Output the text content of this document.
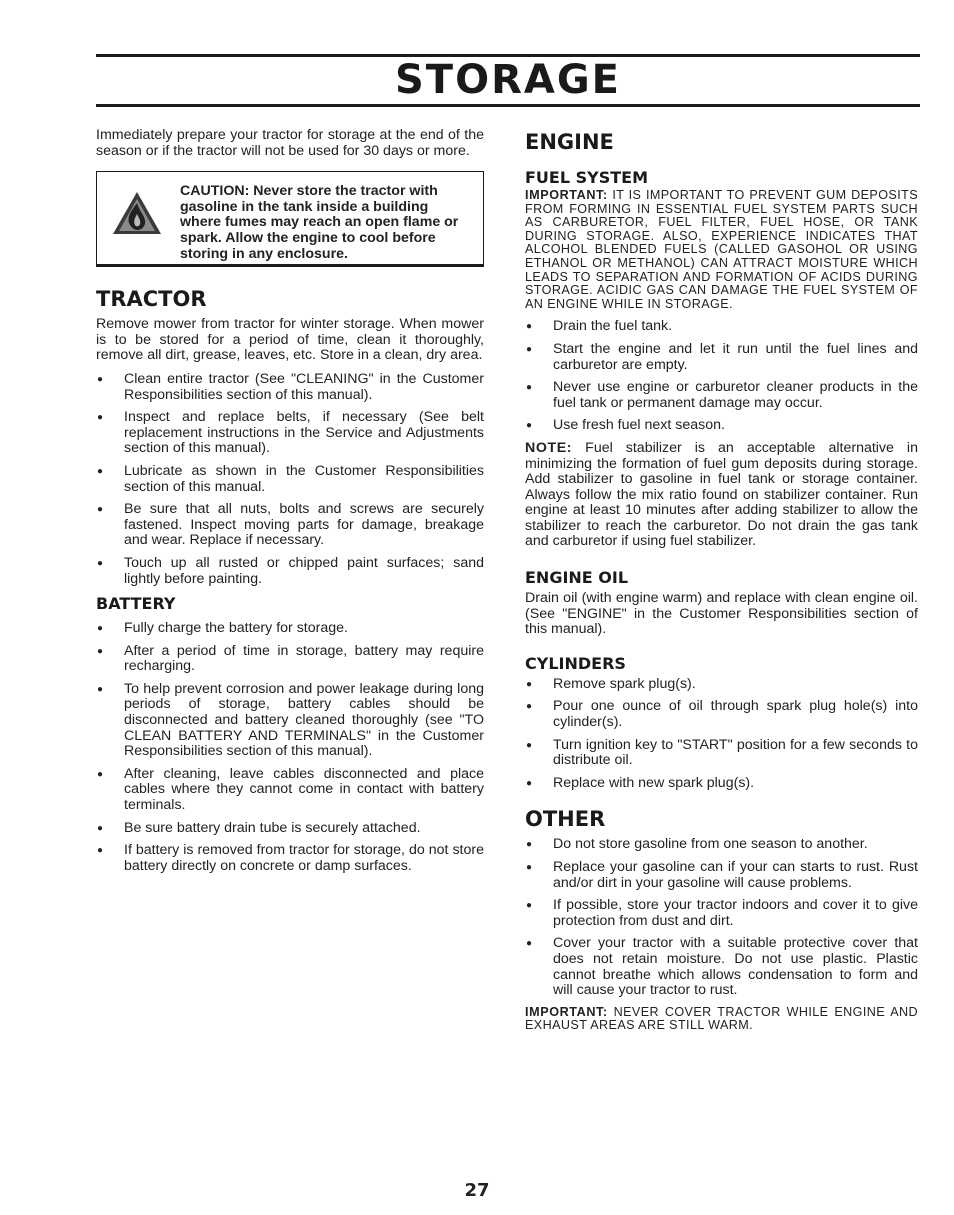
STORAGE

Immediately prepare your tractor for storage at the end of the season or if the tractor will not be used for 30 days or more.

CAUTION: Never store the tractor with gasoline in the tank inside a building where fumes may reach an open flame or spark. Allow the engine to cool before storing in any enclosure.
TRACTOR

Remove mower from tractor for winter storage. When mower is to be stored for a period of time, clean it thoroughly, remove all dirt, grease, leaves, etc. Store in a clean, dry area.

● Clean entire tractor (See "CLEANING" in the Customer Responsibilities section of this manual).
● Inspect and replace belts, if necessary (See belt replacement instructions in the Service and Adjustments section of this manual).
● Lubricate as shown in the Customer Responsibilities section of this manual.
● Be sure that all nuts, bolts and screws are securely fastened. Inspect moving parts for damage, breakage and wear. Replace if necessary.
● Touch up all rusted or chipped paint surfaces; sand lightly before painting.
BATTERY
● Fully charge the battery for storage.
● After a period of time in storage, battery may require recharging.
● To help prevent corrosion and power leakage during long periods of storage, battery cables should be disconnected and battery cleaned thoroughly (see "TO CLEAN BATTERY AND TERMINALS" in the Customer Responsibilities section of this manual).
● After cleaning, leave cables disconnected and place cables where they cannot come in contact with battery terminals.
● Be sure battery drain tube is securely attached.
● If battery is removed from tractor for storage, do not store battery directly on concrete or damp surfaces.
ENGINE
FUEL SYSTEM

IMPORTANT: IT IS IMPORTANT TO PREVENT GUM DEPOSITS FROM FORMING IN ESSENTIAL FUEL SYSTEM PARTS SUCH AS CARBURETOR, FUEL FILTER, FUEL HOSE, OR TANK DURING STORAGE. ALSO, EXPERIENCE INDICATES THAT ALCOHOL BLENDED FUELS (CALLED GASOHOL OR USING ETHANOL OR METHANOL) CAN ATTRACT MOISTURE WHICH LEADS TO SEPARATION AND FORMATION OF ACIDS DURING STORAGE. ACIDIC GAS CAN DAMAGE THE FUEL SYSTEM OF AN ENGINE WHILE IN STORAGE.

● Drain the fuel tank.
● Start the engine and let it run until the fuel lines and carburetor are empty.
● Never use engine or carburetor cleaner products in the fuel tank or permanent damage may occur.
● Use fresh fuel next season.

NOTE: Fuel stabilizer is an acceptable alternative in minimizing the formation of fuel gum deposits during storage. Add stabilizer to gasoline in fuel tank or storage container. Always follow the mix ratio found on stabilizer container. Run engine at least 10 minutes after adding stabilizer to allow the stabilizer to reach the carburetor. Do not drain the gas tank and carburetor if using fuel stabilizer.

ENGINE OIL

Drain oil (with engine warm) and replace with clean engine oil. (See "ENGINE" in the Customer Responsibilities section of this manual).

CYLINDERS
● Remove spark plug(s).
● Pour one ounce of oil through spark plug hole(s) into cylinder(s).
● Turn ignition key to "START" position for a few seconds to distribute oil.
● Replace with new spark plug(s).
OTHER
● Do not store gasoline from one season to another.
● Replace your gasoline can if your can starts to rust. Rust and/or dirt in your gasoline will cause problems.
● If possible, store your tractor indoors and cover it to give protection from dust and dirt.
● Cover your tractor with a suitable protective cover that does not retain moisture. Do not use plastic. Plastic cannot breathe which allows condensation to form and will cause your tractor to rust.

IMPORTANT: NEVER COVER TRACTOR WHILE ENGINE AND EXHAUST AREAS ARE STILL WARM.

27
